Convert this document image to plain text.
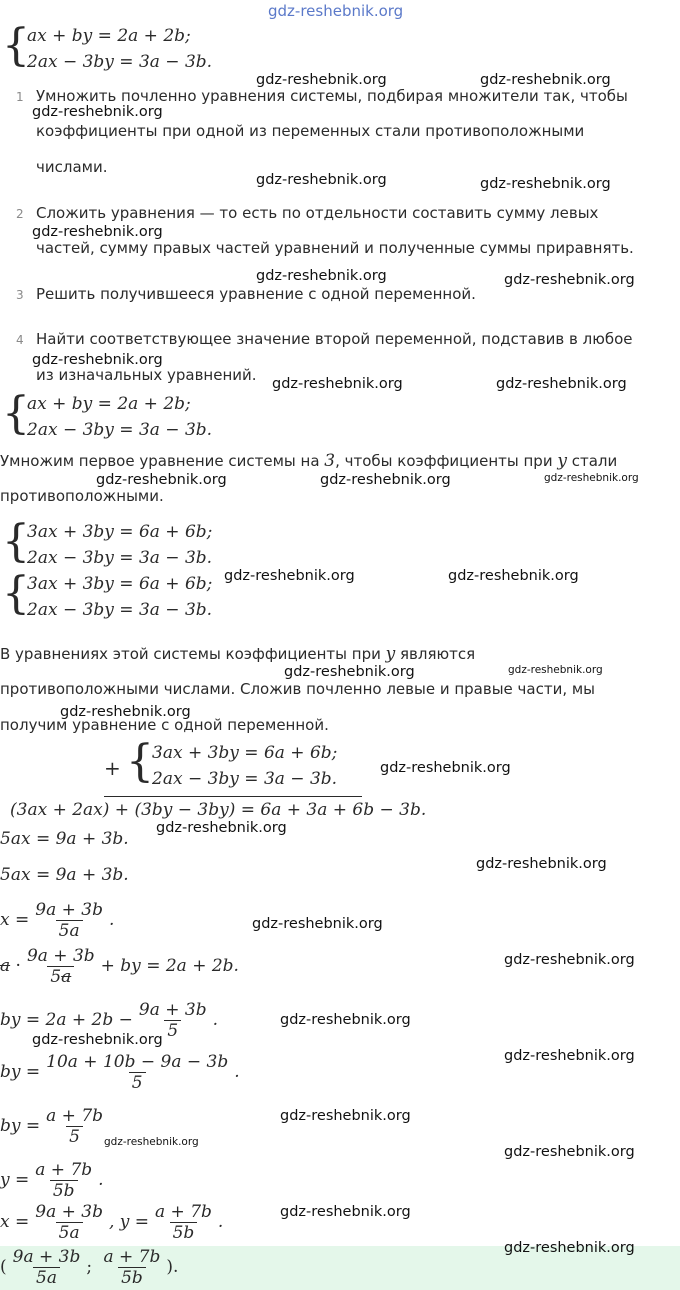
gdz-reshebnik.org
{
ax + by = 2a + 2b;
2ax − 3by = 3a − 3b.
1 Умножить почленно уравнения системы, подбирая множители так, чтобы
коэффициенты при одной из переменных стали противоположными
числами.
2 Сложить уравнения — то есть по отдельности составить сумму левых
частей, сумму правых частей уравнений и полученные суммы приравнять.
3 Решить получившееся уравнение с одной переменной.
4 Найти соответствующее значение второй переменной, подставив в любое
из изначальных уравнений.
{
ax + by = 2a + 2b;
2ax − 3by = 3a − 3b.
Умножим первое уравнение системы на 3, чтобы коэффициенты при y стали
противоположными.
{
{
3ax + 3by = 6a + 6b;
2ax − 3by = 3a − 3b.
3ax + 3by = 6a + 6b;
2ax − 3by = 3a − 3b.
В уравнениях этой системы коэффициенты при y являются
противоположными числами. Сложив почленно левые и правые части, мы
получим уравнение с одной переменной.
+ {
3ax + 3by = 6a + 6b;
2ax − 3by = 3a − 3b.
(3ax + 2ax) + (3by − 3by) = 6a + 3a + 6b − 3b.
5ax = 9a + 3b.
5ax = 9a + 3b.
$x = \frac{9a + 3b}{5a}$ .
$a \cdot \frac{9a + 3b}{5a}$ + by = 2a + 2b.
by = $2a + 2b - \frac{9a + 3b}{5}$ .
by = $\frac{10a + 10b - 9a - 3b}{5}$ .
by = $\frac{a + 7b}{5}$
$y = \frac{a + 7b}{5b}$ .
$x = \frac{9a + 3b}{5a}$ , $y = \frac{a + 7b}{5b}$ .
( $\frac{9a + 3b}{5a}$ ; $\frac{a + 7b}{5b}$ ).
gdz-reshebnik.org	gdz-reshebnik.org
gdz-reshebnik.org
gdz-reshebnik.org	gdz-reshebnik.org
gdz-reshebnik.org
gdz-reshebnik.org	gdz-reshebnik.org
gdz-reshebnik.org
gdz-reshebnik.org	gdz-reshebnik.org
gdz-reshebnik.org	gdz-reshebnik.org	gdz-reshebnik.org
gdz-reshebnik.org	gdz-reshebnik.org
gdz-reshebnik.org	gdz-reshebnik.org
gdz-reshebnik.org
gdz-reshebnik.org
gdz-reshebnik.org
gdz-reshebnik.org
gdz-reshebnik.org
gdz-reshebnik.org
gdz-reshebnik.org
gdz-reshebnik.org
gdz-reshebnik.org
gdz-reshebnik.org
gdz-reshebnik.org
gdz-reshebnik.org
gdz-reshebnik.org
gdz-reshebnik.org
